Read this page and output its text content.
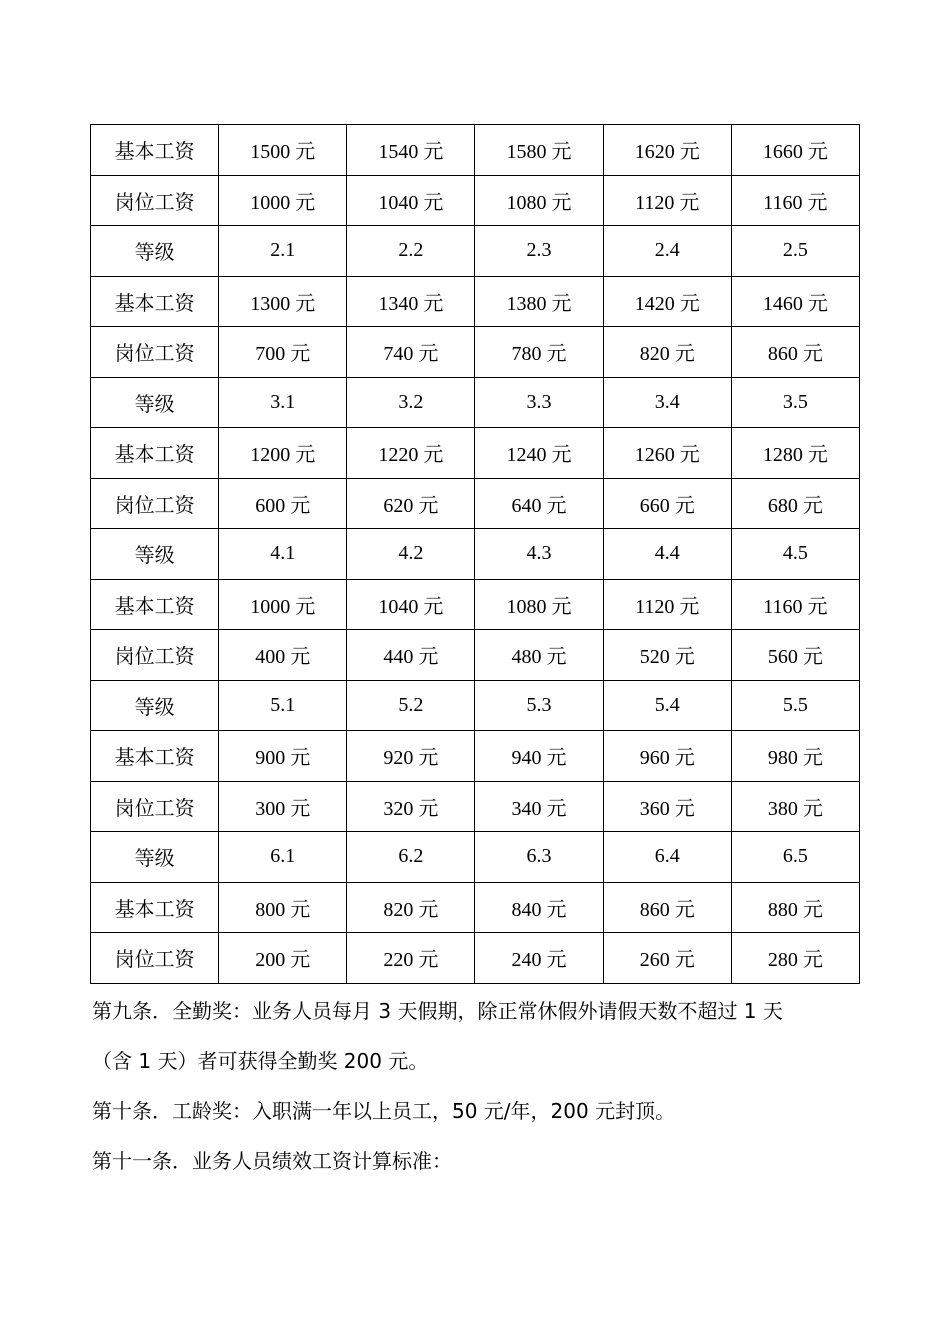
基本工资	1500 元	1540 元	1580 元	1620 元	1660 元
岗位工资	1000 元	1040 元	1080 元	1120 元	1160 元
等级	2.1	2.2	2.3	2.4	2.5
基本工资	1300 元	1340 元	1380 元	1420 元	1460 元
岗位工资	700 元	740 元	780 元	820 元	860 元
等级	3.1	3.2	3.3	3.4	3.5
基本工资	1200 元	1220 元	1240 元	1260 元	1280 元
岗位工资	600 元	620 元	640 元	660 元	680 元
等级	4.1	4.2	4.3	4.4	4.5
基本工资	1000 元	1040 元	1080 元	1120 元	1160 元
岗位工资	400 元	440 元	480 元	520 元	560 元
等级	5.1	5.2	5.3	5.4	5.5
基本工资	900 元	920 元	940 元	960 元	980 元
岗位工资	300 元	320 元	340 元	360 元	380 元
等级	6.1	6.2	6.3	6.4	6.5
基本工资	800 元	820 元	840 元	860 元	880 元
岗位工资	200 元	220 元	240 元	260 元	280 元

第九条．全勤奖：业务人员每月 3 天假期，除正常休假外请假天数不超过 1 天

（含 1 天）者可获得全勤奖 200 元。

第十条．工龄奖：入职满一年以上员工，50 元/年，200 元封顶。

第十一条．业务人员绩效工资计算标准：
